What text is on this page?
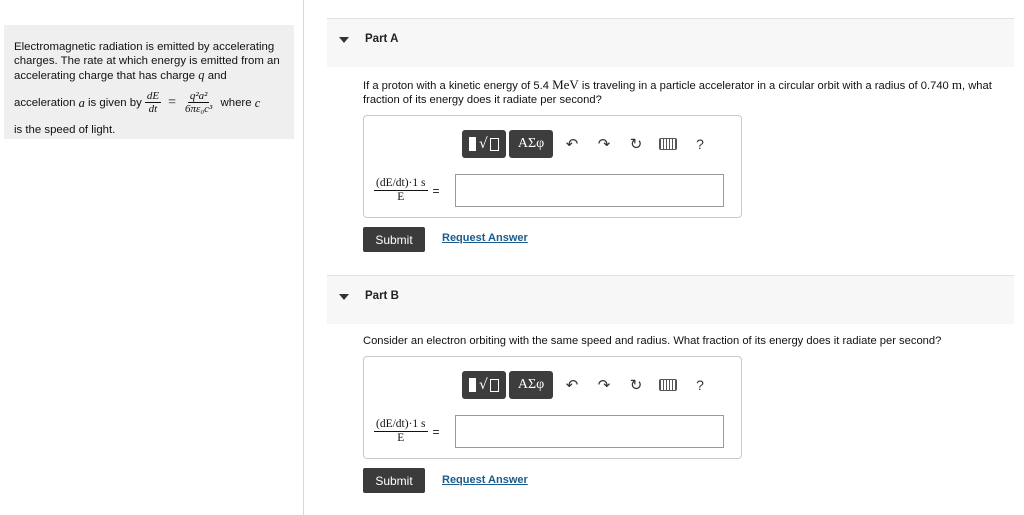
Electromagnetic radiation is emitted by accelerating charges. The rate at which energy is emitted from an accelerating charge that has charge q and
acceleration
a
is given by $\frac{dE}{dt} = \frac{\text{q²a²}}{\text{6πε₀c³}}$
where
c
is the speed of light.
Part A
If a proton with a kinetic energy of 5.4 MeV is traveling in a particle accelerator in a circular orbit with a radius of 0.740 m, what fraction of its energy does it radiate per second?
√	ΑΣφ	↶	↷	↻	?
$\frac{(dE/dt)\cdot 1 s}{E}$ =
Submit	Request Answer
Part B
Consider an electron orbiting with the same speed and radius. What fraction of its energy does it radiate per second?
√	ΑΣφ	↶	↷	↻	?
$\frac{(dE/dt)\cdot 1 s}{E}$ =
Submit	Request Answer
